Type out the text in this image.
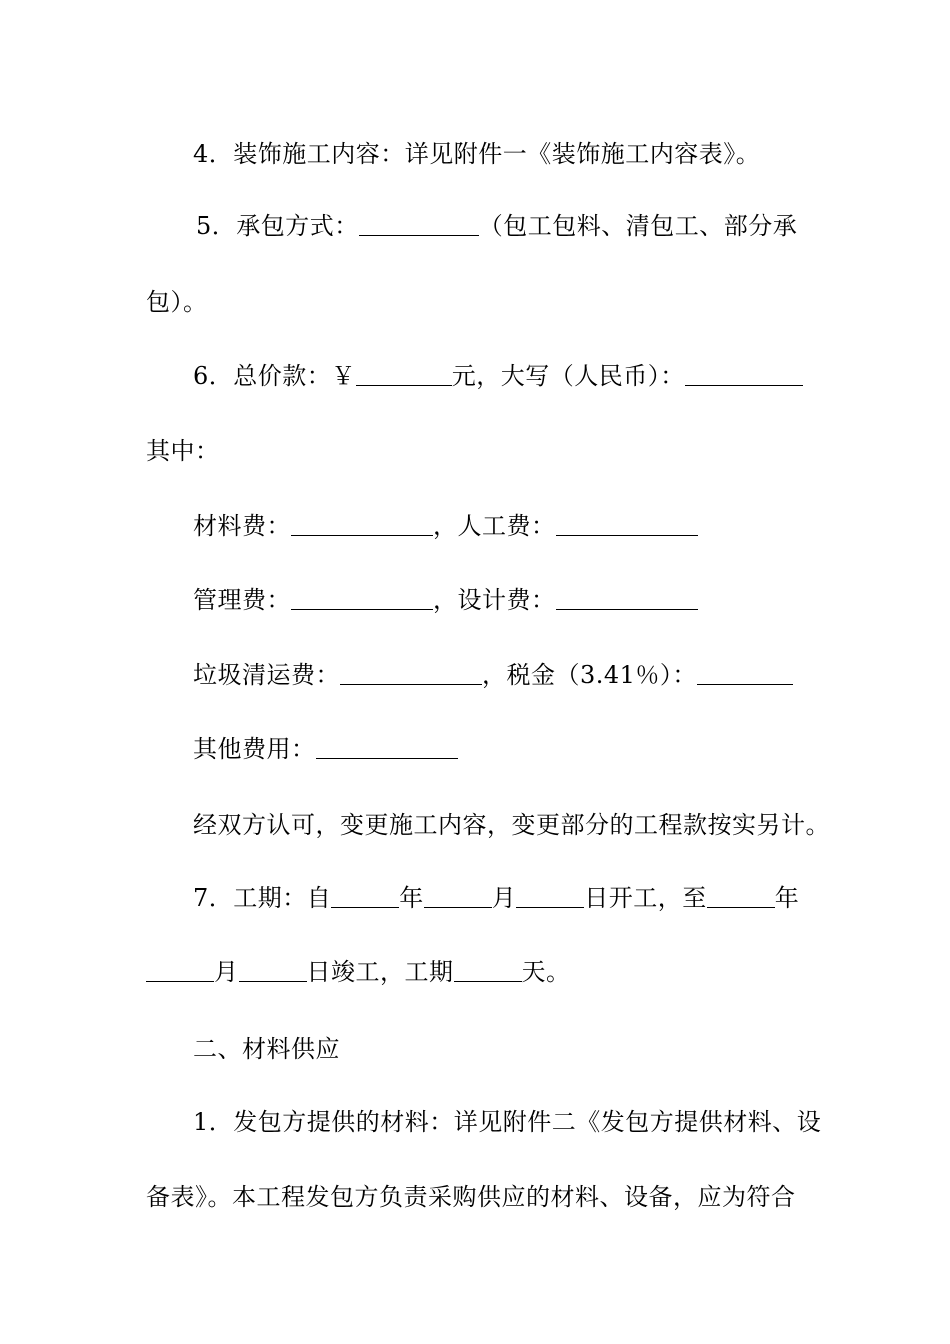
4．装饰施工内容：详见附件一《装饰施工内容表》。
5．承包方式：	（包工包料、清包工、部分承
包）。
6．总价款：￥	元，大写（人民币）：
其中：
材料费：	，人工费：
管理费：	，设计费：
垃圾清运费：	，税金（3.41％）：
其他费用：
经双方认可，变更施工内容，变更部分的工程款按实另计。
7．工期：自	年	月	日开工，至	年
月	日竣工，工期	天。
二、材料供应
1．发包方提供的材料：详见附件二《发包方提供材料、设
备表》。本工程发包方负责采购供应的材料、设备，应为符合
